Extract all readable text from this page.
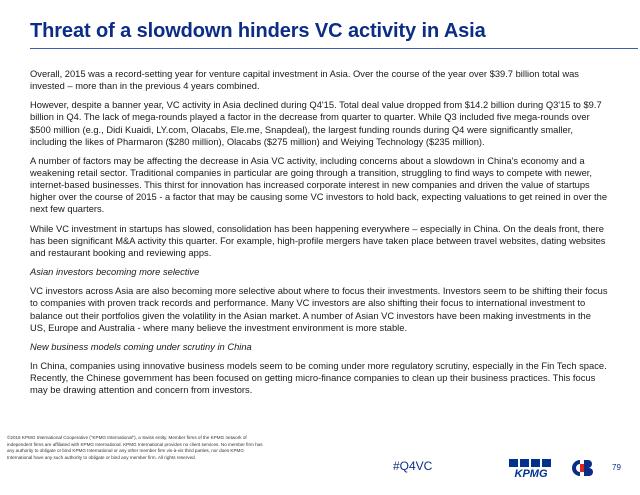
Threat of a slowdown hinders VC activity in Asia

Overall, 2015 was a record-setting year for venture capital investment in Asia. Over the course of the year over $39.7 billion total was invested – more than in the previous 4 years combined.

However, despite a banner year, VC activity in Asia declined during Q4'15. Total deal value dropped from $14.2 billion during Q3'15 to $9.7 billion in Q4. The lack of mega-rounds played a factor in the decrease from quarter to quarter. While Q3 included five mega-rounds over $500 million (e.g., Didi Kuaidi, LY.com, Olacabs, Ele.me, Snapdeal), the largest funding rounds during Q4 were significantly smaller, including the likes of Pharmaron ($280 million), Olacabs ($275 million) and Weiying Technology ($235 million).

A number of factors may be affecting the decrease in Asia VC activity, including concerns about a slowdown in China's economy and a weakening retail sector. Traditional companies in particular are going through a transition, struggling to find ways to compete with newer, internet-based businesses. This thirst for innovation has increased corporate interest in new companies and driven the value of startups higher over the course of 2015 - a factor that may be causing some VC investors to hold back, expecting valuations to get reined in over the next few quarters.

While VC investment in startups has slowed, consolidation has been happening everywhere – especially in China. On the deals front, there has been significant M&A activity this quarter. For example, high-profile mergers have taken place between travel websites, dating websites and restaurant booking and reviewing apps.

Asian investors becoming more selective

VC investors across Asia are also becoming more selective about where to focus their investments. Investors seem to be shifting their focus to companies with proven track records and performance. Many VC investors are also shifting their focus to international investment to balance out their portfolios given the volatility in the Asian market. A number of Asian VC investors have been making investments in the US, Europe and Australia - where many believe the investment environment is more stable.

New business models coming under scrutiny in China

In China, companies using innovative business models seem to be coming under more regulatory scrutiny, especially in the Fin Tech space. Recently, the Chinese government has been focused on getting micro-finance companies to clean up their business practices. This focus may be drawing attention and concern from investors.

©2016 KPMG International Cooperative ("KPMG International"), a Swiss entity. Member firms of the KPMG network of independent firms are affiliated with KPMG International. KPMG International provides no client services. No member firm has any authority to obligate or bind KPMG International or any other member firm vis-à-vis third parties, nor does KPMG International have any such authority to obligate or bind any member firm. All rights reserved.
#Q4VC
KPMG
79
